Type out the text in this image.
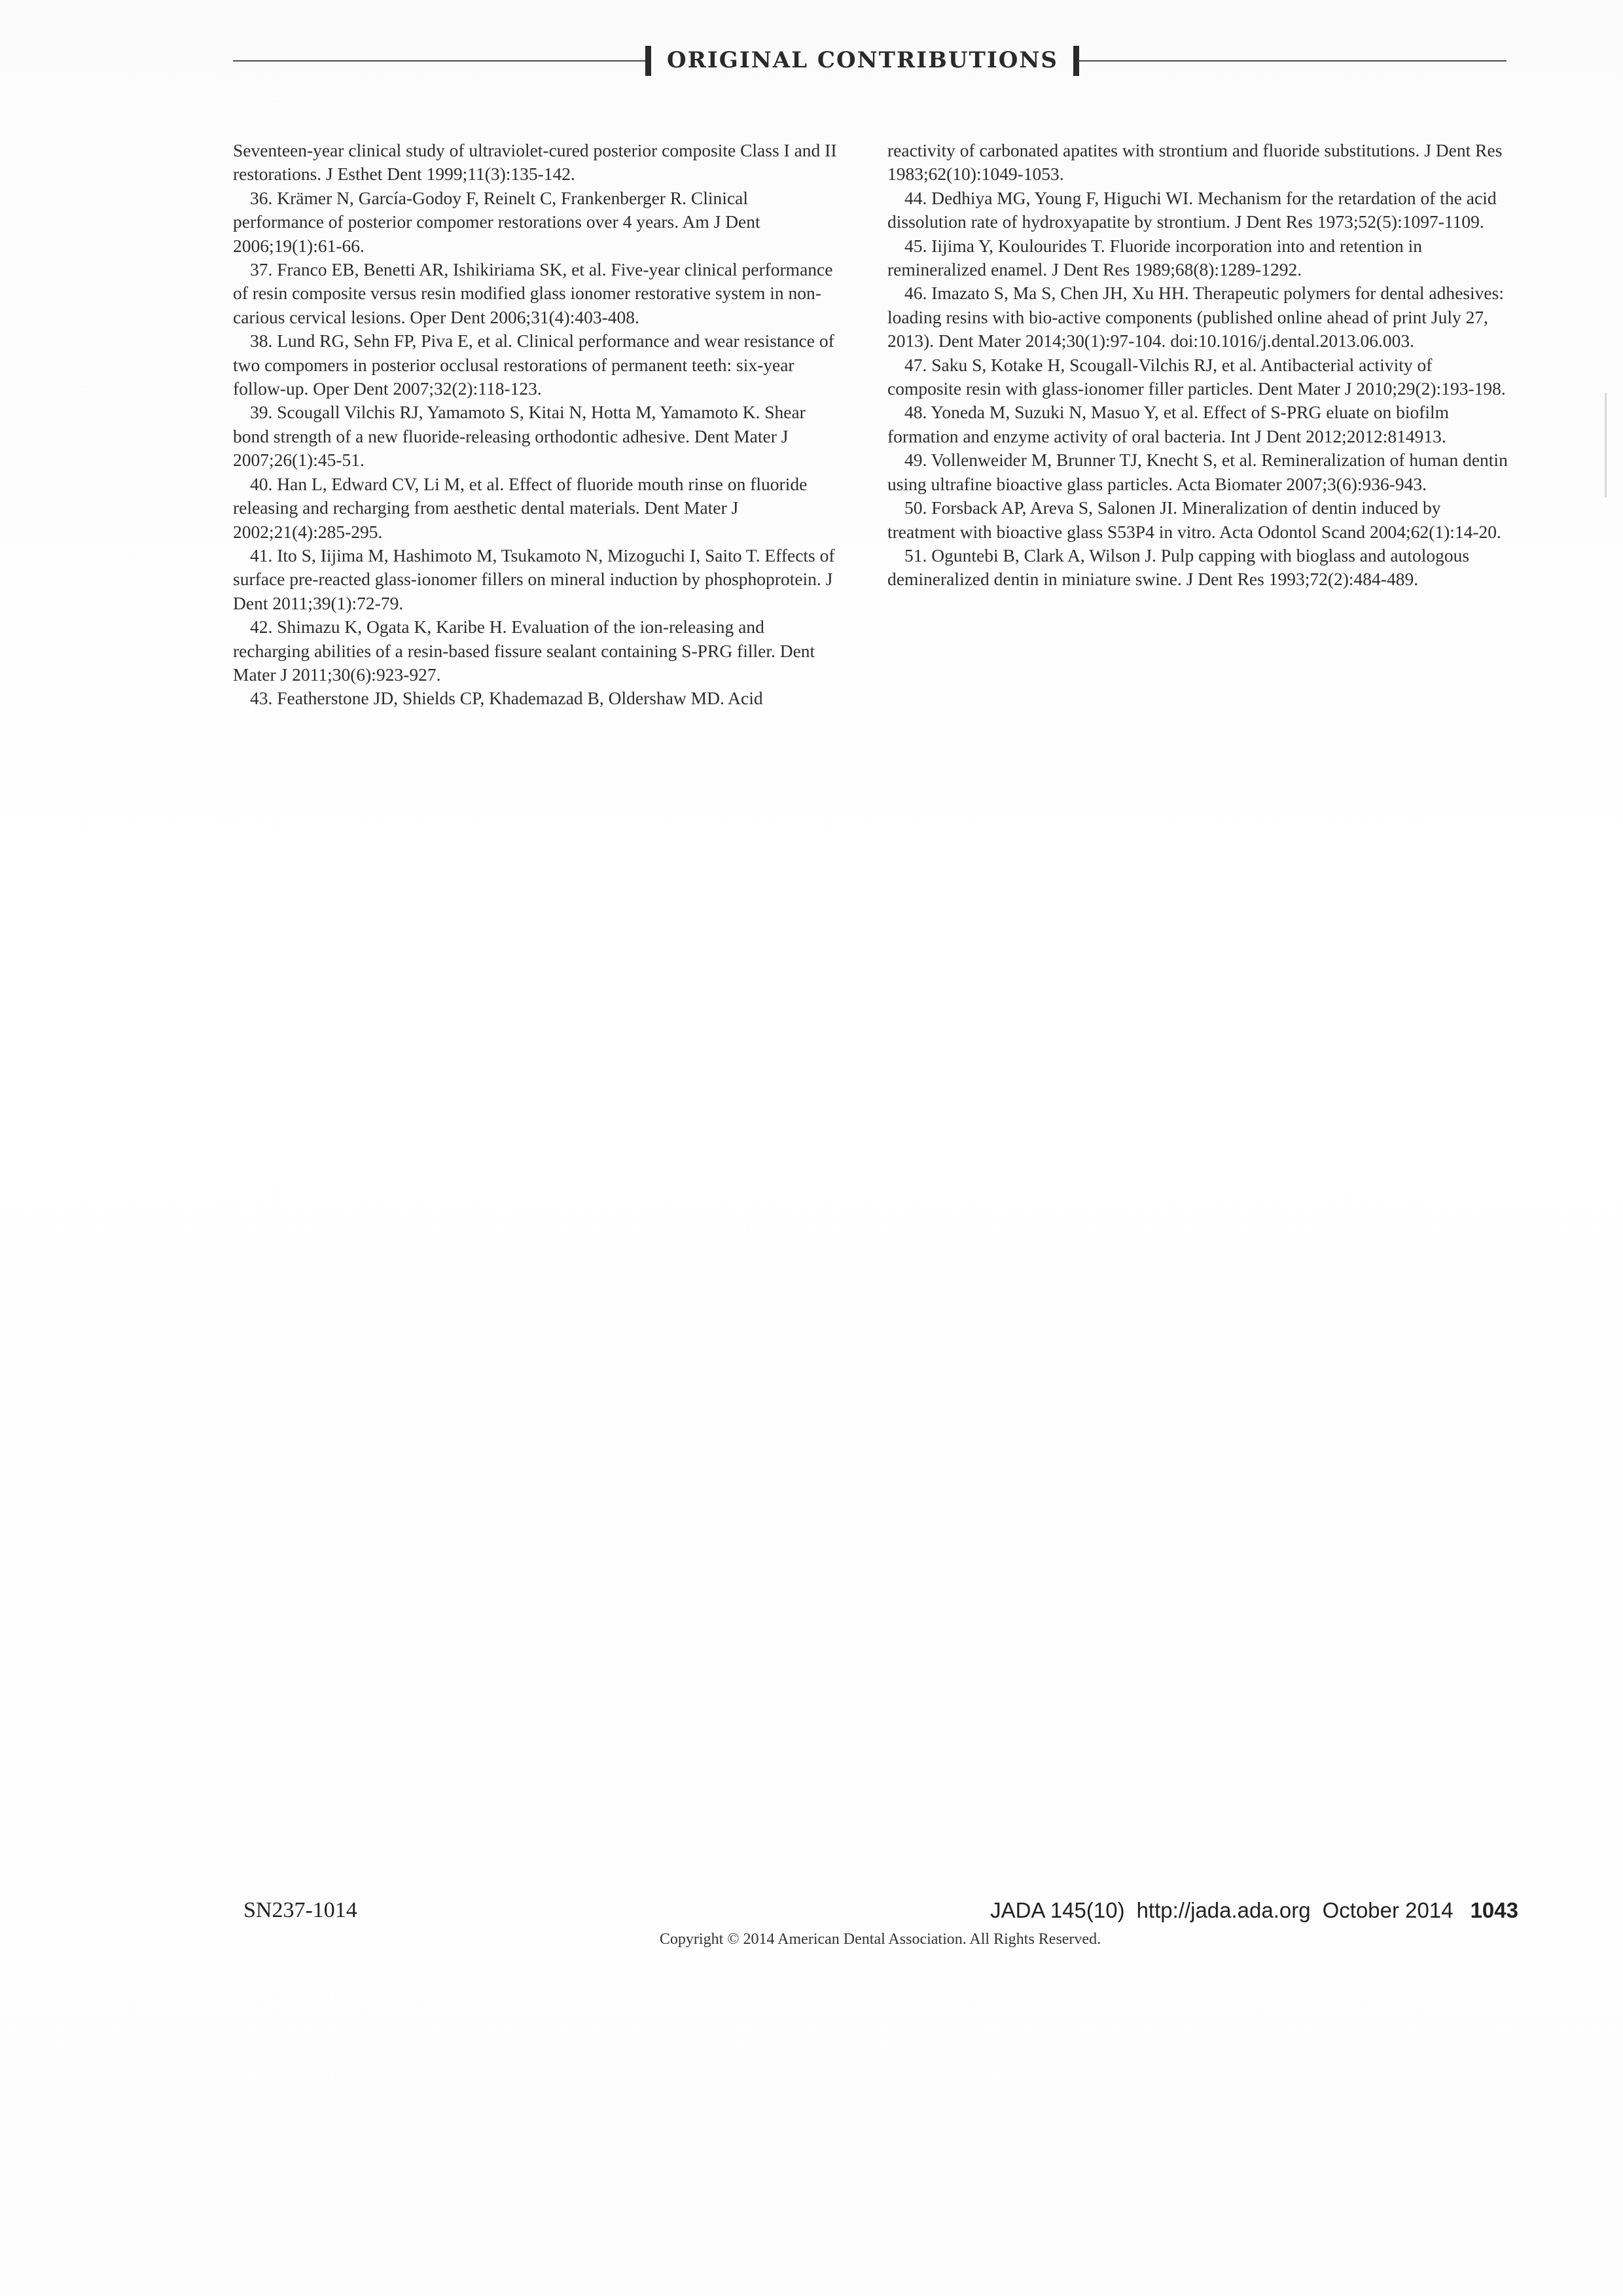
ORIGINAL CONTRIBUTIONS

Seventeen-year clinical study of ultraviolet-cured posterior composite Class I and II restorations. J Esthet Dent 1999;11(3):135-142.

36. Krämer N, García-Godoy F, Reinelt C, Frankenberger R. Clinical performance of posterior compomer restorations over 4 years. Am J Dent 2006;19(1):61-66.

37. Franco EB, Benetti AR, Ishikiriama SK, et al. Five-year clinical performance of resin composite versus resin modified glass ionomer restorative system in non-carious cervical lesions. Oper Dent 2006;31(4):403-408.

38. Lund RG, Sehn FP, Piva E, et al. Clinical performance and wear resistance of two compomers in posterior occlusal restorations of permanent teeth: six-year follow-up. Oper Dent 2007;32(2):118-123.

39. Scougall Vilchis RJ, Yamamoto S, Kitai N, Hotta M, Yamamoto K. Shear bond strength of a new fluoride-releasing orthodontic adhesive. Dent Mater J 2007;26(1):45-51.

40. Han L, Edward CV, Li M, et al. Effect of fluoride mouth rinse on fluoride releasing and recharging from aesthetic dental materials. Dent Mater J 2002;21(4):285-295.

41. Ito S, Iijima M, Hashimoto M, Tsukamoto N, Mizoguchi I, Saito T. Effects of surface pre-reacted glass-ionomer fillers on mineral induction by phosphoprotein. J Dent 2011;39(1):72-79.

42. Shimazu K, Ogata K, Karibe H. Evaluation of the ion-releasing and recharging abilities of a resin-based fissure sealant containing S-PRG filler. Dent Mater J 2011;30(6):923-927.

43. Featherstone JD, Shields CP, Khademazad B, Oldershaw MD. Acid

reactivity of carbonated apatites with strontium and fluoride substitutions. J Dent Res 1983;62(10):1049-1053.

44. Dedhiya MG, Young F, Higuchi WI. Mechanism for the retardation of the acid dissolution rate of hydroxyapatite by strontium. J Dent Res 1973;52(5):1097-1109.

45. Iijima Y, Koulourides T. Fluoride incorporation into and retention in remineralized enamel. J Dent Res 1989;68(8):1289-1292.

46. Imazato S, Ma S, Chen JH, Xu HH. Therapeutic polymers for dental adhesives: loading resins with bio-active components (published online ahead of print July 27, 2013). Dent Mater 2014;30(1):97-104. doi:10.1016/j.dental.2013.06.003.

47. Saku S, Kotake H, Scougall-Vilchis RJ, et al. Antibacterial activity of composite resin with glass-ionomer filler particles. Dent Mater J 2010;29(2):193-198.

48. Yoneda M, Suzuki N, Masuo Y, et al. Effect of S-PRG eluate on biofilm formation and enzyme activity of oral bacteria. Int J Dent 2012;2012:814913.

49. Vollenweider M, Brunner TJ, Knecht S, et al. Remineralization of human dentin using ultrafine bioactive glass particles. Acta Biomater 2007;3(6):936-943.

50. Forsback AP, Areva S, Salonen JI. Mineralization of dentin induced by treatment with bioactive glass S53P4 in vitro. Acta Odontol Scand 2004;62(1):14-20.

51. Oguntebi B, Clark A, Wilson J. Pulp capping with bioglass and autologous demineralized dentin in miniature swine. J Dent Res 1993;72(2):484-489.

SN237-1014	JADA 145(10) http://jada.ada.org October 2014 1043
Copyright © 2014 American Dental Association. All Rights Reserved.
